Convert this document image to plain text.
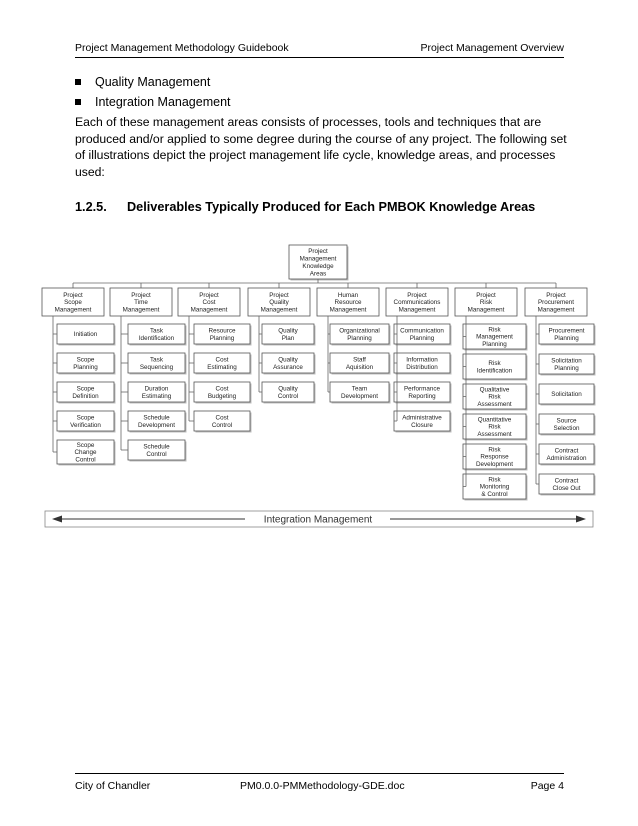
Project Management Methodology Guidebook	Project Management Overview
Quality Management
Integration Management
Each of these management areas consists of processes, tools and techniques that are produced and/or applied to some degree during the course of any project. The following set of illustrations depict the project management life cycle, knowledge areas, and processes used:
1.2.5. Deliverables Typically Produced for Each PMBOK Knowledge Areas
Project
Management
Knowledge
Areas
Project
Scope
Management
Initiation
Scope
Planning
Scope
Definition
Scope
Verification
Scope
Change
Control
Project
Time
Management
Task
Identification
Task
Sequencing
Duration
Estimating
Schedule
Development
Schedule
Control
Project
Cost
Management
Resource
Planning
Cost
Estimating
Cost
Budgeting
Cost
Control
Project
Quality
Management
Quality
Plan
Quality
Assurance
Quality
Control
Human
Resource
Management
Organizational
Planning
Staff
Aquisition
Team
Development
Project
Communications
Management
Communication
Planning
Information
Distribution
Performance
Reporting
Administrative
Closure
Project
Risk
Management
Risk
Management
Planning
Risk
Identification
Qualitative
Risk
Assessment
Quantitative
Risk
Assessment
Risk
Response
Development
Risk
Monitoring
& Control
Project
Procurement
Management
Procurement
Planning
Solicitation
Planning
Solicitation
Source
Selection
Contract
Administration
Contract
Close Out
Integration Management
City of Chandler	PM0.0.0-PMMethodology-GDE.doc	Page 4
